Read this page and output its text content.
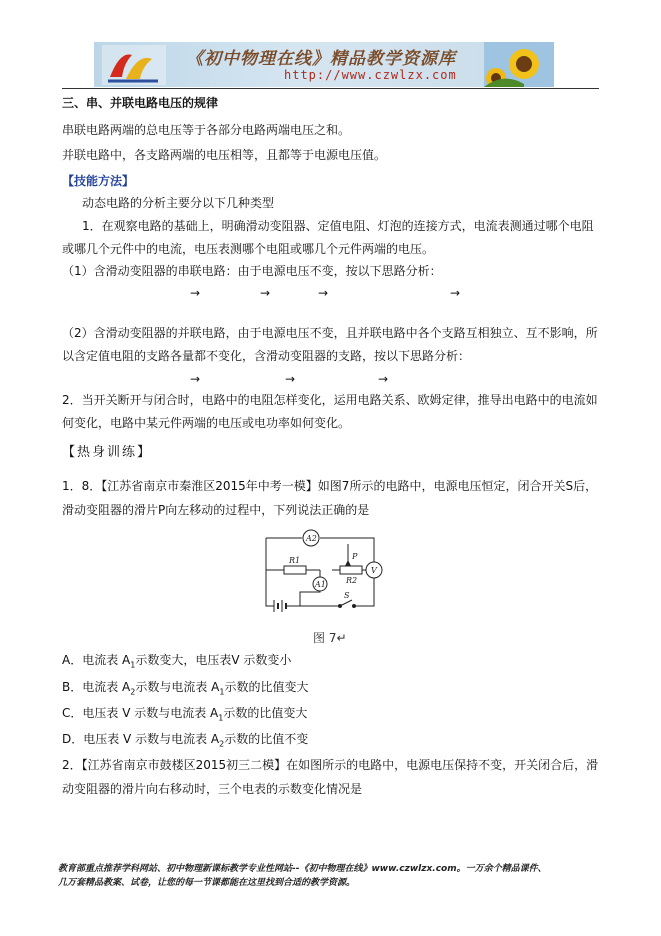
《初中物理在线》精品教学资源库
http://www.czwlzx.com
三、串、并联电路电压的规律
串联电路两端的总电压等于各部分电路两端电压之和。
并联电路中，各支路两端的电压相等，且都等于电源电压值。
【技能方法】
动态电路的分析主要分以下几种类型
1．在观察电路的基础上，明确滑动变阻器、定值电阻、灯泡的连接方式，电流表测通过哪个电阻
或哪几个元件中的电流，电压表测哪个电阻或哪几个元件两端的电压。
（1）含滑动变阻器的串联电路：由于电源电压不变，按以下思路分析：
→	→	→	→
（2）含滑动变阻器的并联电路，由于电源电压不变，且并联电路中各个支路互相独立、互不影响，所
以含定值电阻的支路各量都不变化，含滑动变阻器的支路，按以下思路分析：
→	→	→
2．当开关断开与闭合时，电路中的电阻怎样变化，运用电路关系、欧姆定律，推导出电路中的电流如
何变化，电路中某元件两端的电压或电功率如何变化。
【热身训练】
1．8．【江苏省南京市秦淮区2015年中考一模】如图7所示的电路中，电源电压恒定，闭合开关S后，
滑动变阻器的滑片P向左移动的过程中，下列说法正确的是
A2
R1
A1	R2
P
V
S
图 7↵
A．电流表 $A_1$示数变大，电压表V 示数变小
B．电流表 $A_2$示数与电流表 $A_1$示数的比值变大
C．电压表 V 示数与电流表 $A_1$示数的比值变大
D．电压表 V 示数与电流表 $A_2$示数的比值不变
2．【江苏省南京市鼓楼区2015初三二模】在如图所示的电路中，电源电压保持不变，开关闭合后，滑
动变阻器的滑片向右移动时，三个电表的示数变化情况是
教育部重点推荐学科网站、初中物理新课标教学专业性网站--《初中物理在线》www.czwlzx.com。一万余个精品课件、
几万套精品教案、试卷，让您的每一节课都能在这里找到合适的教学资源。
